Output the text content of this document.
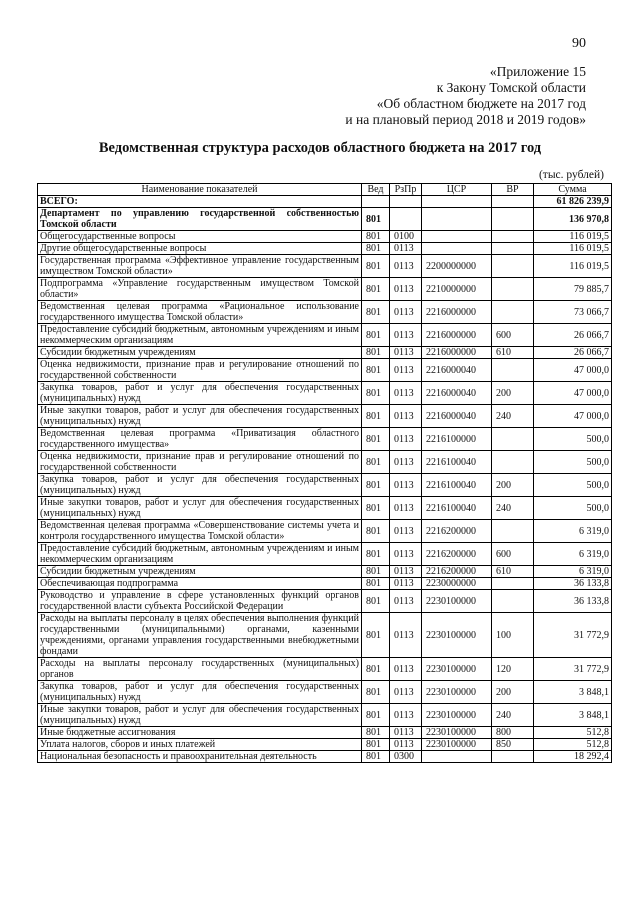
90
«Приложение 15
к Закону Томской области
«Об областном бюджете на 2017 год
и на плановый период 2018 и 2019 годов»
Ведомственная структура расходов областного бюджета на 2017 год
(тыс. рублей)
Наименование показателей	Вед	РзПр	ЦСР	ВР	Сумма
ВСЕГО:					61 826 239,9
Департамент по управлению государственной собственностью Томской области	801				136 970,8
Общегосударственные вопросы	801	0100			116 019,5
Другие общегосударственные вопросы	801	0113			116 019,5
Государственная программа «Эффективное управление государственным имуществом Томской области»	801	0113	2200000000		116 019,5
Подпрограмма «Управление государственным имуществом Томской области»	801	0113	2210000000		79 885,7
Ведомственная целевая программа «Рациональное использование государственного имущества Томской области»	801	0113	2216000000		73 066,7
Предоставление субсидий бюджетным, автономным учреждениям и иным некоммерческим организациям	801	0113	2216000000	600	26 066,7
Субсидии бюджетным учреждениям	801	0113	2216000000	610	26 066,7
Оценка недвижимости, признание прав и регулирование отношений по государственной собственности	801	0113	2216000040		47 000,0
Закупка товаров, работ и услуг для обеспечения государственных (муниципальных) нужд	801	0113	2216000040	200	47 000,0
Иные закупки товаров, работ и услуг для обеспечения государственных (муниципальных) нужд	801	0113	2216000040	240	47 000,0
Ведомственная целевая программа «Приватизация областного государственного имущества»	801	0113	2216100000		500,0
Оценка недвижимости, признание прав и регулирование отношений по государственной собственности	801	0113	2216100040		500,0
Закупка товаров, работ и услуг для обеспечения государственных (муниципальных) нужд	801	0113	2216100040	200	500,0
Иные закупки товаров, работ и услуг для обеспечения государственных (муниципальных) нужд	801	0113	2216100040	240	500,0
Ведомственная целевая программа «Совершенствование системы учета и контроля государственного имущества Томской области»	801	0113	2216200000		6 319,0
Предоставление субсидий бюджетным, автономным учреждениям и иным некоммерческим организациям	801	0113	2216200000	600	6 319,0
Субсидии бюджетным учреждениям	801	0113	2216200000	610	6 319,0
Обеспечивающая подпрограмма	801	0113	2230000000		36 133,8
Руководство и управление в сфере установленных функций органов государственной власти субъекта Российской Федерации	801	0113	2230100000		36 133,8
Расходы на выплаты персоналу в целях обеспечения выполнения функций государственными (муниципальными) органами, казенными учреждениями, органами управления государственными внебюджетными фондами	801	0113	2230100000	100	31 772,9
Расходы на выплаты персоналу государственных (муниципальных) органов	801	0113	2230100000	120	31 772,9
Закупка товаров, работ и услуг для обеспечения государственных (муниципальных) нужд	801	0113	2230100000	200	3 848,1
Иные закупки товаров, работ и услуг для обеспечения государственных (муниципальных) нужд	801	0113	2230100000	240	3 848,1
Иные бюджетные ассигнования	801	0113	2230100000	800	512,8
Уплата налогов, сборов и иных платежей	801	0113	2230100000	850	512,8
Национальная безопасность и правоохранительная деятельность	801	0300			18 292,4
